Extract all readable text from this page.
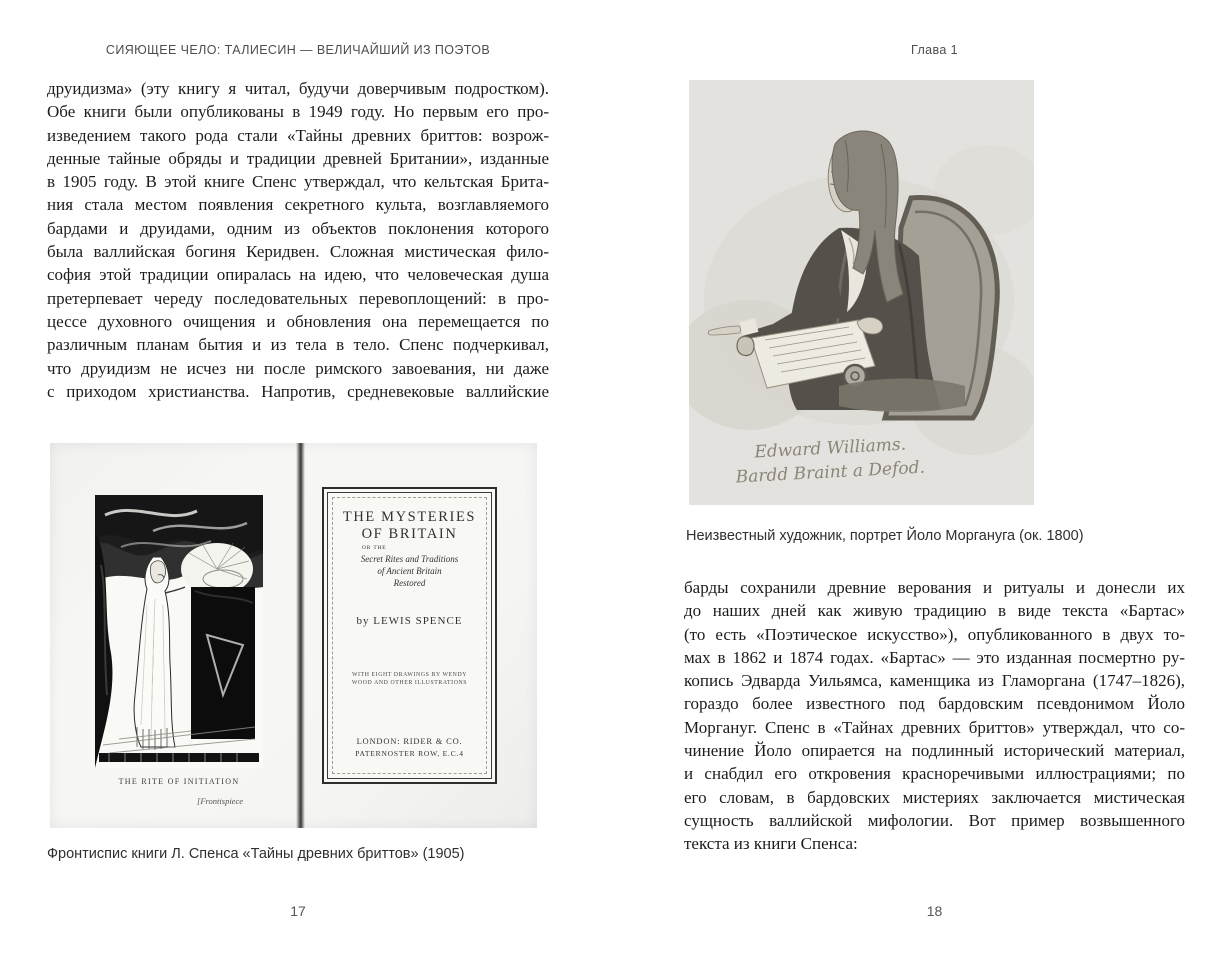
СИЯЮЩЕЕ ЧЕЛО: ТАЛИЕСИН — ВЕЛИЧАЙШИЙ ИЗ ПОЭТОВ
друидизма» (эту книгу я читал, будучи доверчивым подростком).
Обе книги были опубликованы в 1949 году. Но первым его про-
изведением такого рода стали «Тайны древних бриттов: возрож-
денные тайные обряды и традиции древней Британии», изданные
в 1905 году. В этой книге Спенс утверждал, что кельтская Брита-
ния стала местом появления секретного культа, возглавляемого
бардами и друидами, одним из объектов поклонения которого
была валлийская богиня Керидвен. Сложная мистическая фило-
софия этой традиции опиралась на идею, что человеческая душа
претерпевает череду последовательных перевоплощений: в про-
цессе духовного очищения и обновления она перемещается по
различным планам бытия и из тела в тело. Спенс подчеркивал,
что друидизм не исчез ни после римского завоевания, ни даже
с приходом христианства. Напротив, средневековые валлийские
THE RITE OF INITIATION
[Frontispiece
THE MYSTERIES
OF BRITAIN
OR THE
Secret Rites and Traditions
of Ancient Britain
Restored
by LEWIS SPENCE
WITH EIGHT DRAWINGS BY WENDY
WOOD AND OTHER ILLUSTRATIONS
LONDON: RIDER & CO.
PATERNOSTER ROW, E.C.4
Фронтиспис книги Л. Спенса «Тайны древних бриттов» (1905)
17
Глава 1
Edward Williams.
Bardd Braint a Defod.
Неизвестный художник, портрет Йоло Моргануга (ок. 1800)
барды сохранили древние верования и ритуалы и донесли их
до наших дней как живую традицию в виде текста «Бартас»
(то есть «Поэтическое искусство»), опубликованного в двух то-
мах в 1862 и 1874 годах. «Бартас» — это изданная посмертно ру-
копись Эдварда Уильямса, каменщика из Гламоргана (1747–1826),
гораздо более известного под бардовским псевдонимом Йоло
Моргануг. Спенс в «Тайнах древних бриттов» утверждал, что со-
чинение Йоло опирается на подлинный исторический материал,
и снабдил его откровения красноречивыми иллюстрациями; по
его словам, в бардовских мистериях заключается мистическая
сущность валлийской мифологии. Вот пример возвышенного
текста из книги Спенса:
18
